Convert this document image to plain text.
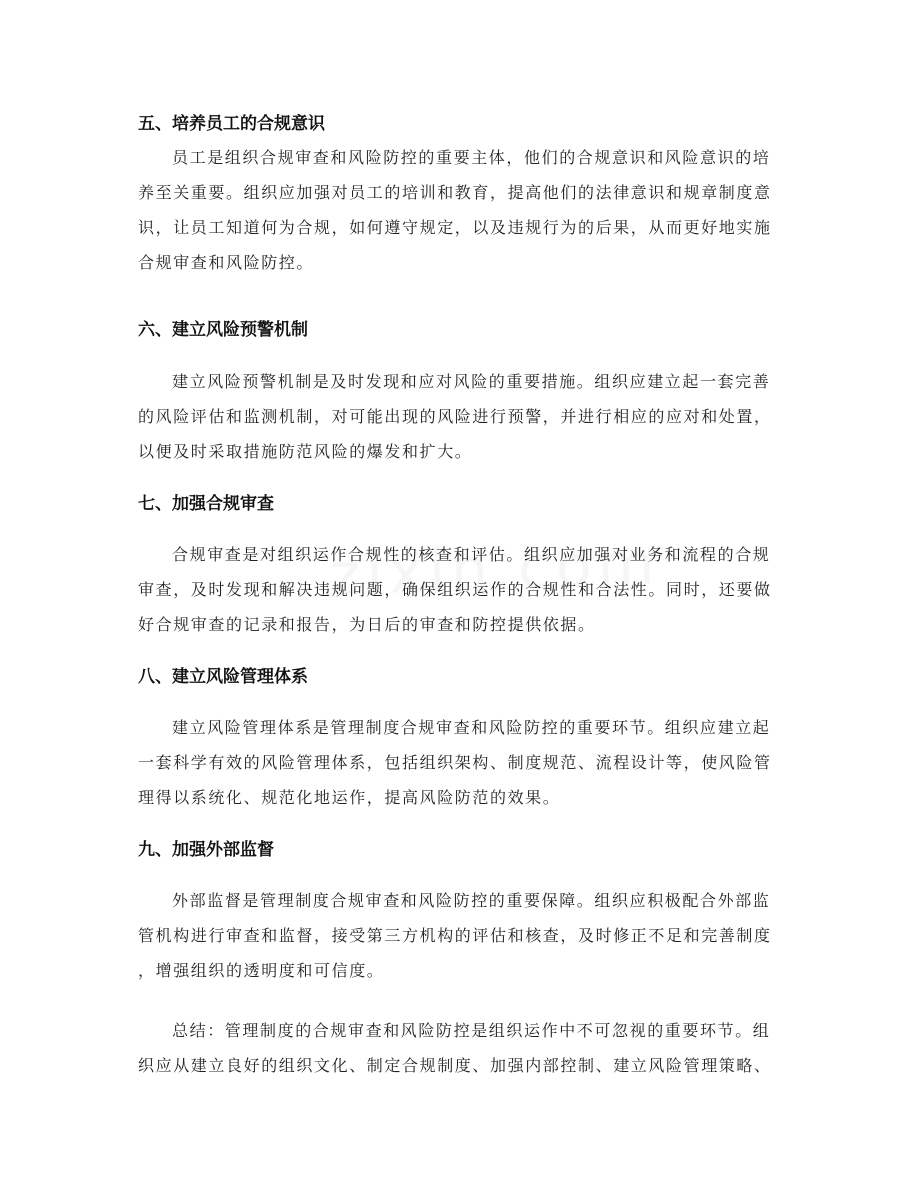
五、培养员工的合规意识
员工是组织合规审查和风险防控的重要主体，他们的合规意识和风险意识的培
养至关重要。组织应加强对员工的培训和教育，提高他们的法律意识和规章制度意
识，让员工知道何为合规，如何遵守规定，以及违规行为的后果，从而更好地实施
合规审查和风险防控。
六、建立风险预警机制
建立风险预警机制是及时发现和应对风险的重要措施。组织应建立起一套完善
的风险评估和监测机制，对可能出现的风险进行预警，并进行相应的应对和处置，
以便及时采取措施防范风险的爆发和扩大。
七、加强合规审查
合规审查是对组织运作合规性的核查和评估。组织应加强对业务和流程的合规
审查，及时发现和解决违规问题，确保组织运作的合规性和合法性。同时，还要做
好合规审查的记录和报告，为日后的审查和防控提供依据。
八、建立风险管理体系
建立风险管理体系是管理制度合规审查和风险防控的重要环节。组织应建立起
一套科学有效的风险管理体系，包括组织架构、制度规范、流程设计等，使风险管
理得以系统化、规范化地运作，提高风险防范的效果。
九、加强外部监督
外部监督是管理制度合规审查和风险防控的重要保障。组织应积极配合外部监
管机构进行审查和监督，接受第三方机构的评估和核查，及时修正不足和完善制度
，增强组织的透明度和可信度。
总结：管理制度的合规审查和风险防控是组织运作中不可忽视的重要环节。组
织应从建立良好的组织文化、制定合规制度、加强内部控制、建立风险管理策略、
